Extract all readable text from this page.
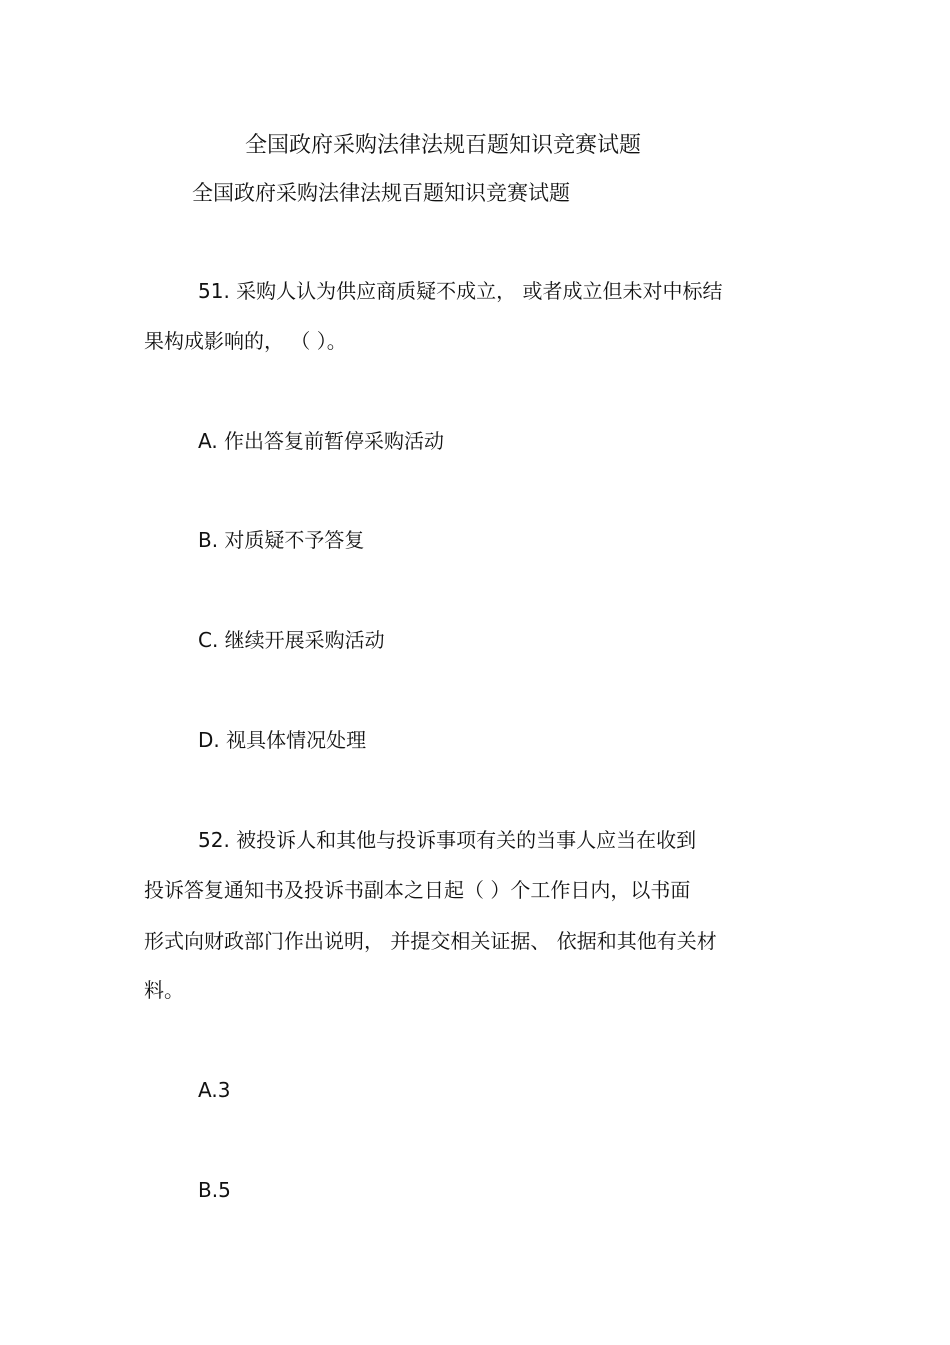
全国政府采购法律法规百题知识竞赛试题
全国政府采购法律法规百题知识竞赛试题
51. 采购人认为供应商质疑不成立， 或者成立但未对中标结
果构成影响的， （ ）。
A. 作出答复前暂停采购活动
B. 对质疑不予答复
C. 继续开展采购活动
D. 视具体情况处理
52. 被投诉人和其他与投诉事项有关的当事人应当在收到
投诉答复通知书及投诉书副本之日起（ ）个工作日内，以书面
形式向财政部门作出说明， 并提交相关证据、 依据和其他有关材
料。
A.3
B.5
